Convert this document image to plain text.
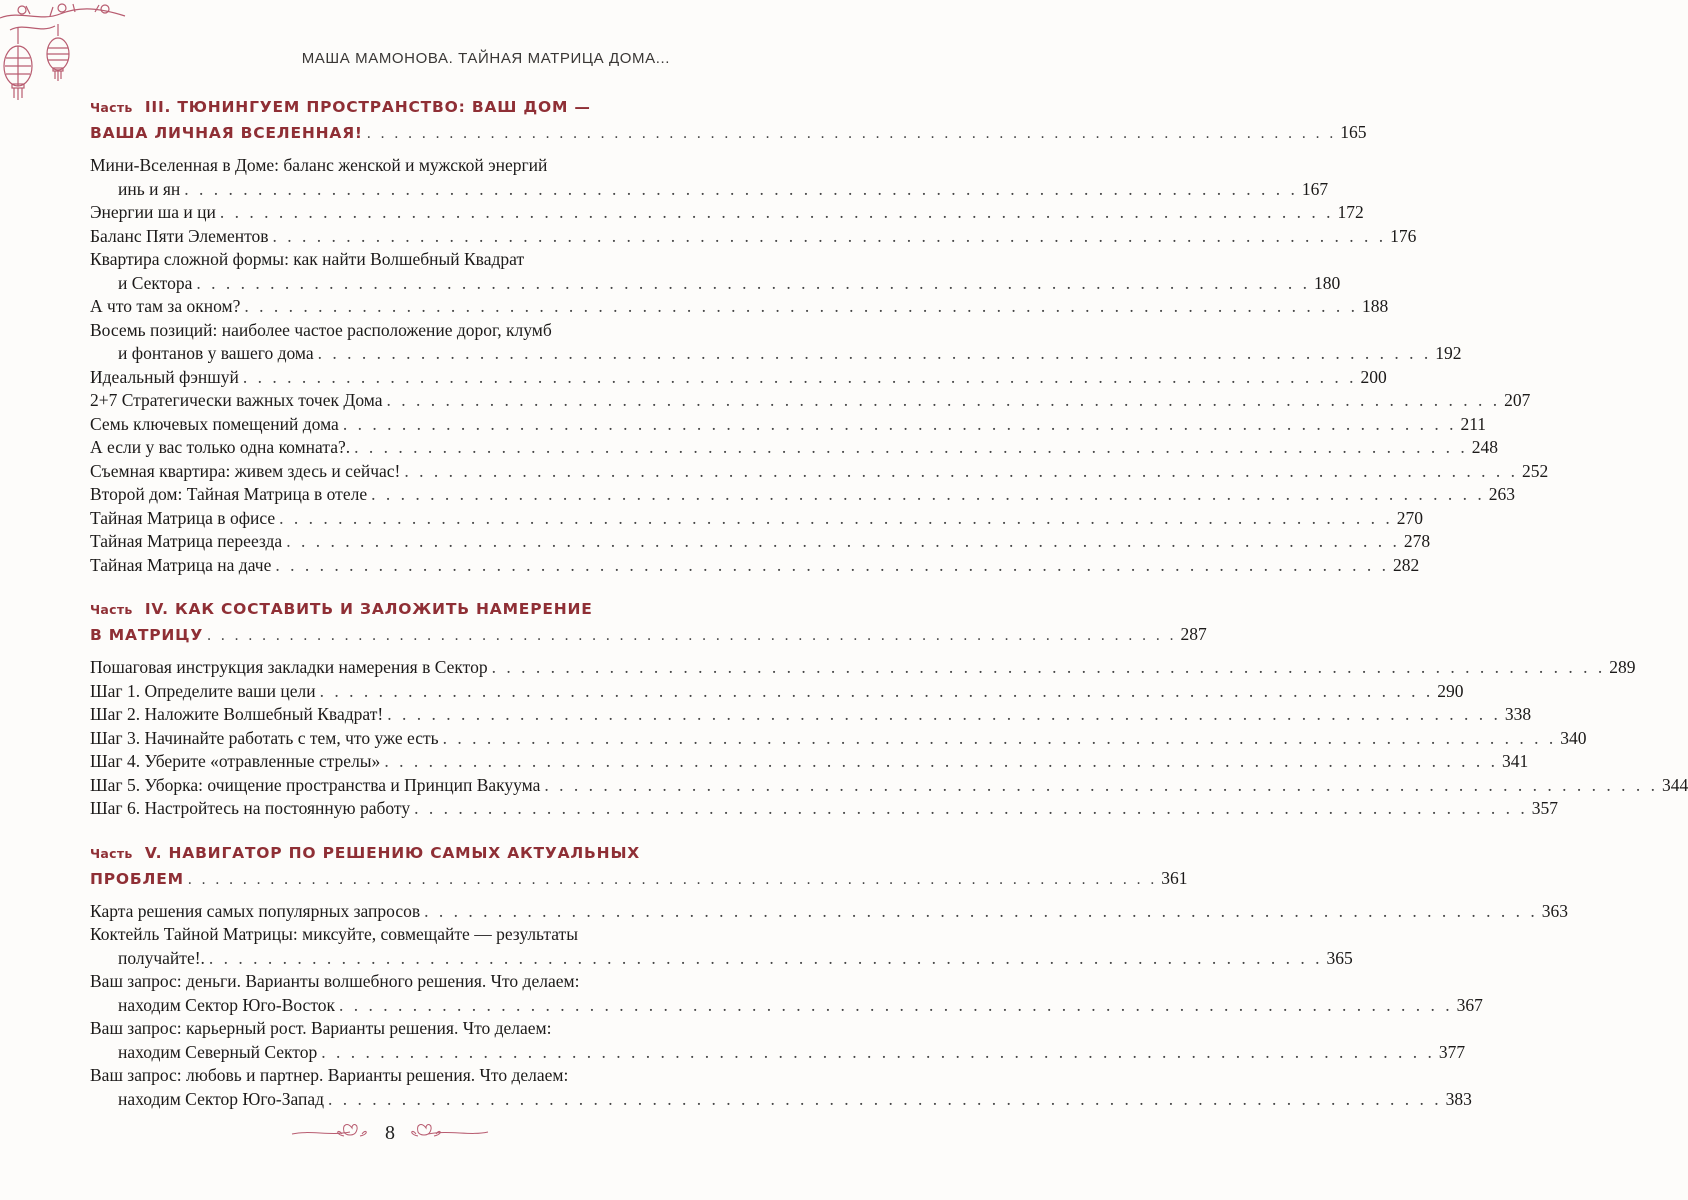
МАША МАМОНОВА. ТАЙНАЯ МАТРИЦА ДОМА...
Часть III. ТЮНИНГУЕМ ПРОСТРАНСТВО: ВАШ ДОМ —
ВАША ЛИЧНАЯ ВСЕЛЕННАЯ! . . .	165
Мини-Вселенная в Доме: баланс женской и мужской энергий
инь и ян . . .	167
Энергии ша и ци . . .	172
Баланс Пяти Элементов . . .	176
Квартира сложной формы: как найти Волшебный Квадрат
и Сектора . . .	180
А что там за окном? . . .	188
Восемь позиций: наиболее частое расположение дорог, клумб
и фонтанов у вашего дома . . .	192
Идеальный фэншуй . . .	200
2+7 Стратегически важных точек Дома . . .	207
Семь ключевых помещений дома . . .	211
А если у вас только одна комната?. . . .	248
Съемная квартира: живем здесь и сейчас! . . .	252
Второй дом: Тайная Матрица в отеле . . .	263
Тайная Матрица в офисе . . .	270
Тайная Матрица переезда . . .	278
Тайная Матрица на даче . . .	282
Часть IV. КАК СОСТАВИТЬ И ЗАЛОЖИТЬ НАМЕРЕНИЕ
В МАТРИЦУ . . .	287
Пошаговая инструкция закладки намерения в Сектор . . .	289
Шаг 1. Определите ваши цели . . .	290
Шаг 2. Наложите Волшебный Квадрат! . . .	338
Шаг 3. Начинайте работать с тем, что уже есть . . .	340
Шаг 4. Уберите «отравленные стрелы» . . .	341
Шаг 5. Уборка: очищение пространства и Принцип Вакуума . . .	344
Шаг 6. Настройтесь на постоянную работу . . .	357
Часть V. НАВИГАТОР ПО РЕШЕНИЮ САМЫХ АКТУАЛЬНЫХ
ПРОБЛЕМ . . .	361
Карта решения самых популярных запросов . . .	363
Коктейль Тайной Матрицы: миксуйте, совмещайте — результаты
получайте!. . . .	365
Ваш запрос: деньги. Варианты волшебного решения. Что делаем:
находим Сектор Юго-Восток . . .	367
Ваш запрос: карьерный рост. Варианты решения. Что делаем:
находим Северный Сектор . . .	377
Ваш запрос: любовь и партнер. Варианты решения. Что делаем:
находим Сектор Юго-Запад . . .	383
8
